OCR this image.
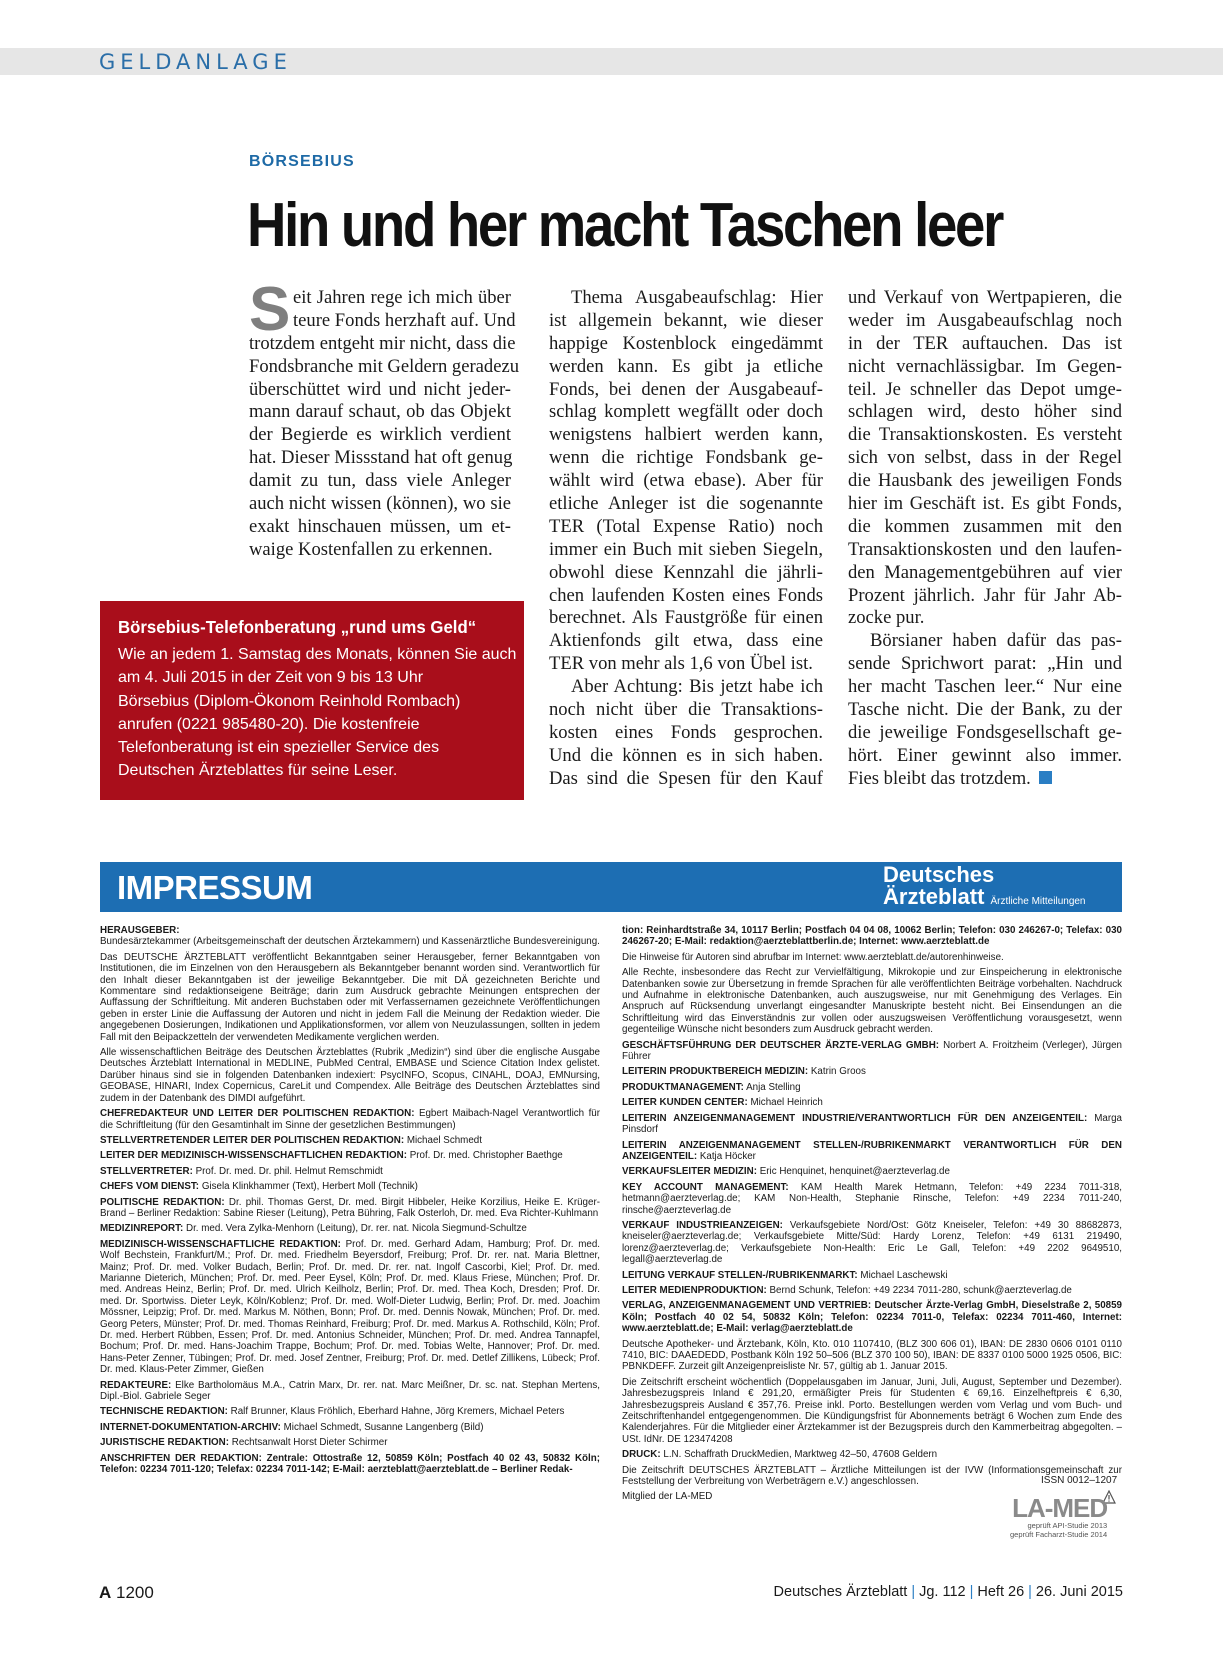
GELDANLAGE
BÖRSEBIUS
Hin und her macht Taschen leer
S eit Jahren rege ich mich über
teure Fonds herzhaft auf. Und
trotzdem entgeht mir nicht, dass die
Fondsbranche mit Geldern geradezu
überschüttet wird und nicht jeder-
mann darauf schaut, ob das Objekt
der Begierde es wirklich verdient
hat. Dieser Missstand hat oft genug
damit zu tun, dass viele Anleger
auch nicht wissen (können), wo sie
exakt hinschauen müssen, um et-
waige Kostenfallen zu erkennen.
Thema Ausgabeaufschlag: Hier
ist allgemein bekannt, wie dieser
happige Kostenblock eingedämmt
werden kann. Es gibt ja etliche
Fonds, bei denen der Ausgabeauf-
schlag komplett wegfällt oder doch
wenigstens halbiert werden kann,
wenn die richtige Fondsbank ge-
wählt wird (etwa ebase). Aber für
etliche Anleger ist die sogenannte
TER (Total Expense Ratio) noch
immer ein Buch mit sieben Siegeln,
obwohl diese Kennzahl die jährli-
chen laufenden Kosten eines Fonds
berechnet. Als Faustgröße für einen
Aktienfonds gilt etwa, dass eine
TER von mehr als 1,6 von Übel ist.
Aber Achtung: Bis jetzt habe ich
noch nicht über die Transaktions-
kosten eines Fonds gesprochen.
Und die können es in sich haben.
Das sind die Spesen für den Kauf
und Verkauf von Wertpapieren, die
weder im Ausgabeaufschlag noch
in der TER auftauchen. Das ist
nicht vernachlässigbar. Im Gegen-
teil. Je schneller das Depot umge-
schlagen wird, desto höher sind
die Transaktionskosten. Es versteht
sich von selbst, dass in der Regel
die Hausbank des jeweiligen Fonds
hier im Geschäft ist. Es gibt Fonds,
die kommen zusammen mit den
Transaktionskosten und den laufen-
den Managementgebühren auf vier
Prozent jährlich. Jahr für Jahr Ab-
zocke pur.
Börsianer haben dafür das pas-
sende Sprichwort parat: „Hin und
her macht Taschen leer.“ Nur eine
Tasche nicht. Die der Bank, zu der
die jeweilige Fondsgesellschaft ge-
hört. Einer gewinnt also immer.
Fies bleibt das trotzdem.
Börsebius-Telefonberatung „rund ums Geld“
Wie an jedem 1. Samstag des Monats, können Sie auch
am 4. Juli 2015 in der Zeit von 9 bis 13 Uhr
Börsebius (Diplom-Ökonom Reinhold Rombach)
anrufen (0221 985480-20). Die kostenfreie
Telefonberatung ist ein spezieller Service des
Deutschen Ärzteblattes für seine Leser.
IMPRESSUM	Deutsches
Ärzteblatt Ärztliche Mitteilungen

HERAUSGEBER:
Bundesärztekammer (Arbeitsgemeinschaft der deutschen Ärztekammern) und Kassenärztliche Bundesvereinigung.

Das DEUTSCHE ÄRZTEBLATT veröffentlicht Bekanntgaben seiner Herausgeber, ferner Bekanntgaben von Institutionen, die im Einzelnen von den Herausgebern als Bekanntgeber benannt worden sind. Verantwortlich für den Inhalt dieser Bekanntgaben ist der jeweilige Bekanntgeber. Die mit DÄ gezeichneten Berichte und Kommentare sind redaktionseigene Beiträge; darin zum Ausdruck gebrachte Meinungen entsprechen der Auffassung der Schriftleitung. Mit anderen Buchstaben oder mit Verfassernamen gezeichnete Veröffentlichungen geben in erster Linie die Auffassung der Autoren und nicht in jedem Fall die Meinung der Redaktion wieder. Die angegebenen Dosierungen, Indikationen und Applikationsformen, vor allem von Neuzulassungen, sollten in jedem Fall mit den Beipackzetteln der verwendeten Medikamente verglichen werden.

Alle wissenschaftlichen Beiträge des Deutschen Ärzteblattes (Rubrik „Medizin“) sind über die englische Ausgabe Deutsches Ärzteblatt International in MEDLINE, PubMed Central, EMBASE und Science Citation Index gelistet. Darüber hinaus sind sie in folgenden Datenbanken indexiert: PsycINFO, Scopus, CINAHL, DOAJ, EMNursing, GEOBASE, HINARI, Index Copernicus, CareLit und Compendex. Alle Beiträge des Deutschen Ärzteblattes sind zudem in der Datenbank des DIMDI aufgeführt.

CHEFREDAKTEUR UND LEITER DER POLITISCHEN REDAKTION: Egbert Maibach-Nagel Verantwortlich für die Schriftleitung (für den Gesamtinhalt im Sinne der gesetzlichen Bestimmungen)

STELLVERTRETENDER LEITER DER POLITISCHEN REDAKTION: Michael Schmedt

LEITER DER MEDIZINISCH-WISSENSCHAFTLICHEN REDAKTION: Prof. Dr. med. Christopher Baethge

STELLVERTRETER: Prof. Dr. med. Dr. phil. Helmut Remschmidt

CHEFS VOM DIENST: Gisela Klinkhammer (Text), Herbert Moll (Technik)

POLITISCHE REDAKTION: Dr. phil. Thomas Gerst, Dr. med. Birgit Hibbeler, Heike Korzilius, Heike E. Krüger-Brand – Berliner Redaktion: Sabine Rieser (Leitung), Petra Bühring, Falk Osterloh, Dr. med. Eva Richter-Kuhlmann

MEDIZINREPORT: Dr. med. Vera Zylka-Menhorn (Leitung), Dr. rer. nat. Nicola Siegmund-Schultze

MEDIZINISCH-WISSENSCHAFTLICHE REDAKTION: Prof. Dr. med. Gerhard Adam, Hamburg; Prof. Dr. med. Wolf Bechstein, Frankfurt/M.; Prof. Dr. med. Friedhelm Beyersdorf, Freiburg; Prof. Dr. rer. nat. Maria Blettner, Mainz; Prof. Dr. med. Volker Budach, Berlin; Prof. Dr. med. Dr. rer. nat. Ingolf Cascorbi, Kiel; Prof. Dr. med. Marianne Dieterich, München; Prof. Dr. med. Peer Eysel, Köln; Prof. Dr. med. Klaus Friese, München; Prof. Dr. med. Andreas Heinz, Berlin; Prof. Dr. med. Ulrich Keilholz, Berlin; Prof. Dr. med. Thea Koch, Dresden; Prof. Dr. med. Dr. Sportwiss. Dieter Leyk, Köln/Koblenz; Prof. Dr. med. Wolf-Dieter Ludwig, Berlin; Prof. Dr. med. Joachim Mössner, Leipzig; Prof. Dr. med. Markus M. Nöthen, Bonn; Prof. Dr. med. Dennis Nowak, München; Prof. Dr. med. Georg Peters, Münster; Prof. Dr. med. Thomas Reinhard, Freiburg; Prof. Dr. med. Markus A. Rothschild, Köln; Prof. Dr. med. Herbert Rübben, Essen; Prof. Dr. med. Antonius Schneider, München; Prof. Dr. med. Andrea Tannapfel, Bochum; Prof. Dr. med. Hans-Joachim Trappe, Bochum; Prof. Dr. med. Tobias Welte, Hannover; Prof. Dr. med. Hans-Peter Zenner, Tübingen; Prof. Dr. med. Josef Zentner, Freiburg; Prof. Dr. med. Detlef Zillikens, Lübeck; Prof. Dr. med. Klaus-Peter Zimmer, Gießen

REDAKTEURE: Elke Bartholomäus M.A., Catrin Marx, Dr. rer. nat. Marc Meißner, Dr. sc. nat. Stephan Mertens, Dipl.-Biol. Gabriele Seger

TECHNISCHE REDAKTION: Ralf Brunner, Klaus Fröhlich, Eberhard Hahne, Jörg Kremers, Michael Peters

INTERNET-DOKUMENTATION-ARCHIV: Michael Schmedt, Susanne Langenberg (Bild)

JURISTISCHE REDAKTION: Rechtsanwalt Horst Dieter Schirmer

ANSCHRIFTEN DER REDAKTION: Zentrale: Ottostraße 12, 50859 Köln; Postfach 40 02 43, 50832 Köln; Telefon: 02234 7011-120; Telefax: 02234 7011-142; E-Mail: aerzteblatt@aerzteblatt.de – Berliner Redak-

tion: Reinhardtstraße 34, 10117 Berlin; Postfach 04 04 08, 10062 Berlin; Telefon: 030 246267-0; Telefax: 030 246267-20; E-Mail: redaktion@aerzteblattberlin.de; Internet: www.aerzteblatt.de

Die Hinweise für Autoren sind abrufbar im Internet: www.aerzteblatt.de/autorenhinweise.

Alle Rechte, insbesondere das Recht zur Vervielfältigung, Mikrokopie und zur Einspeicherung in elektronische Datenbanken sowie zur Übersetzung in fremde Sprachen für alle veröffentlichten Beiträge vorbehalten. Nachdruck und Aufnahme in elektronische Datenbanken, auch auszugsweise, nur mit Genehmigung des Verlages. Ein Anspruch auf Rücksendung unverlangt eingesandter Manuskripte besteht nicht. Bei Einsendungen an die Schriftleitung wird das Einverständnis zur vollen oder auszugsweisen Veröffentlichung vorausgesetzt, wenn gegenteilige Wünsche nicht besonders zum Ausdruck gebracht werden.

GESCHÄFTSFÜHRUNG DER DEUTSCHER ÄRZTE-VERLAG GMBH: Norbert A. Froitzheim (Verleger), Jürgen Führer

LEITERIN PRODUKTBEREICH MEDIZIN: Katrin Groos

PRODUKTMANAGEMENT: Anja Stelling

LEITER KUNDEN CENTER: Michael Heinrich

LEITERIN ANZEIGENMANAGEMENT INDUSTRIE/VERANTWORTLICH FÜR DEN ANZEIGENTEIL: Marga Pinsdorf

LEITERIN ANZEIGENMANAGEMENT STELLEN-/RUBRIKENMARKT VERANTWORTLICH FÜR DEN ANZEIGENTEIL: Katja Höcker

VERKAUFSLEITER MEDIZIN: Eric Henquinet, henquinet@aerzteverlag.de

KEY ACCOUNT MANAGEMENT: KAM Health Marek Hetmann, Telefon: +49 2234 7011-318, hetmann@aerzteverlag.de; KAM Non-Health, Stephanie Rinsche, Telefon: +49 2234 7011-240, rinsche@aerzteverlag.de

VERKAUF INDUSTRIEANZEIGEN: Verkaufsgebiete Nord/Ost: Götz Kneiseler, Telefon: +49 30 88682873, kneiseler@aerzteverlag.de; Verkaufsgebiete Mitte/Süd: Hardy Lorenz, Telefon: +49 6131 219490, lorenz@aerzteverlag.de; Verkaufsgebiete Non-Health: Eric Le Gall, Telefon: +49 2202 9649510, legall@aerzteverlag.de

LEITUNG VERKAUF STELLEN-/RUBRIKENMARKT: Michael Laschewski

LEITER MEDIENPRODUKTION: Bernd Schunk, Telefon: +49 2234 7011-280, schunk@aerzteverlag.de

VERLAG, ANZEIGENMANAGEMENT UND VERTRIEB: Deutscher Ärzte-Verlag GmbH, Dieselstraße 2, 50859 Köln; Postfach 40 02 54, 50832 Köln; Telefon: 02234 7011-0, Telefax: 02234 7011-460, Internet: www.aerzteblatt.de; E-Mail: verlag@aerzteblatt.de

Deutsche Apotheker- und Ärztebank, Köln, Kto. 010 1107410, (BLZ 300 606 01), IBAN: DE 2830 0606 0101 0110 7410, BIC: DAAEDEDD, Postbank Köln 192 50–506 (BLZ 370 100 50), IBAN: DE 8337 0100 5000 1925 0506, BIC: PBNKDEFF. Zurzeit gilt Anzeigenpreisliste Nr. 57, gültig ab 1. Januar 2015.

Die Zeitschrift erscheint wöchentlich (Doppelausgaben im Januar, Juni, Juli, August, September und Dezember). Jahresbezugspreis Inland € 291,20, ermäßigter Preis für Studenten € 69,16. Einzelheftpreis € 6,30, Jahresbezugspreis Ausland € 357,76. Preise inkl. Porto. Bestellungen werden vom Verlag und vom Buch- und Zeitschriftenhandel entgegengenommen. Die Kündigungsfrist für Abonnements beträgt 6 Wochen zum Ende des Kalenderjahres. Für die Mitglieder einer Ärztekammer ist der Bezugspreis durch den Kammerbeitrag abgegolten. – USt. IdNr. DE 123474208

DRUCK: L.N. Schaffrath DruckMedien, Marktweg 42–50, 47608 Geldern

Die Zeitschrift DEUTSCHES ÄRZTEBLATT – Ärztliche Mitteilungen ist der IVW (Informationsgemeinschaft zur Feststellung der Verbreitung von Werbeträgern e.V.) angeschlossen.

Mitglied der LA-MED

ISSN 0012–1207
LA-MED
geprüft API-Studie 2013
geprüft Facharzt-Studie 2014
A 1200	Deutsches Ärzteblatt | Jg. 112 | Heft 26 | 26. Juni 2015
